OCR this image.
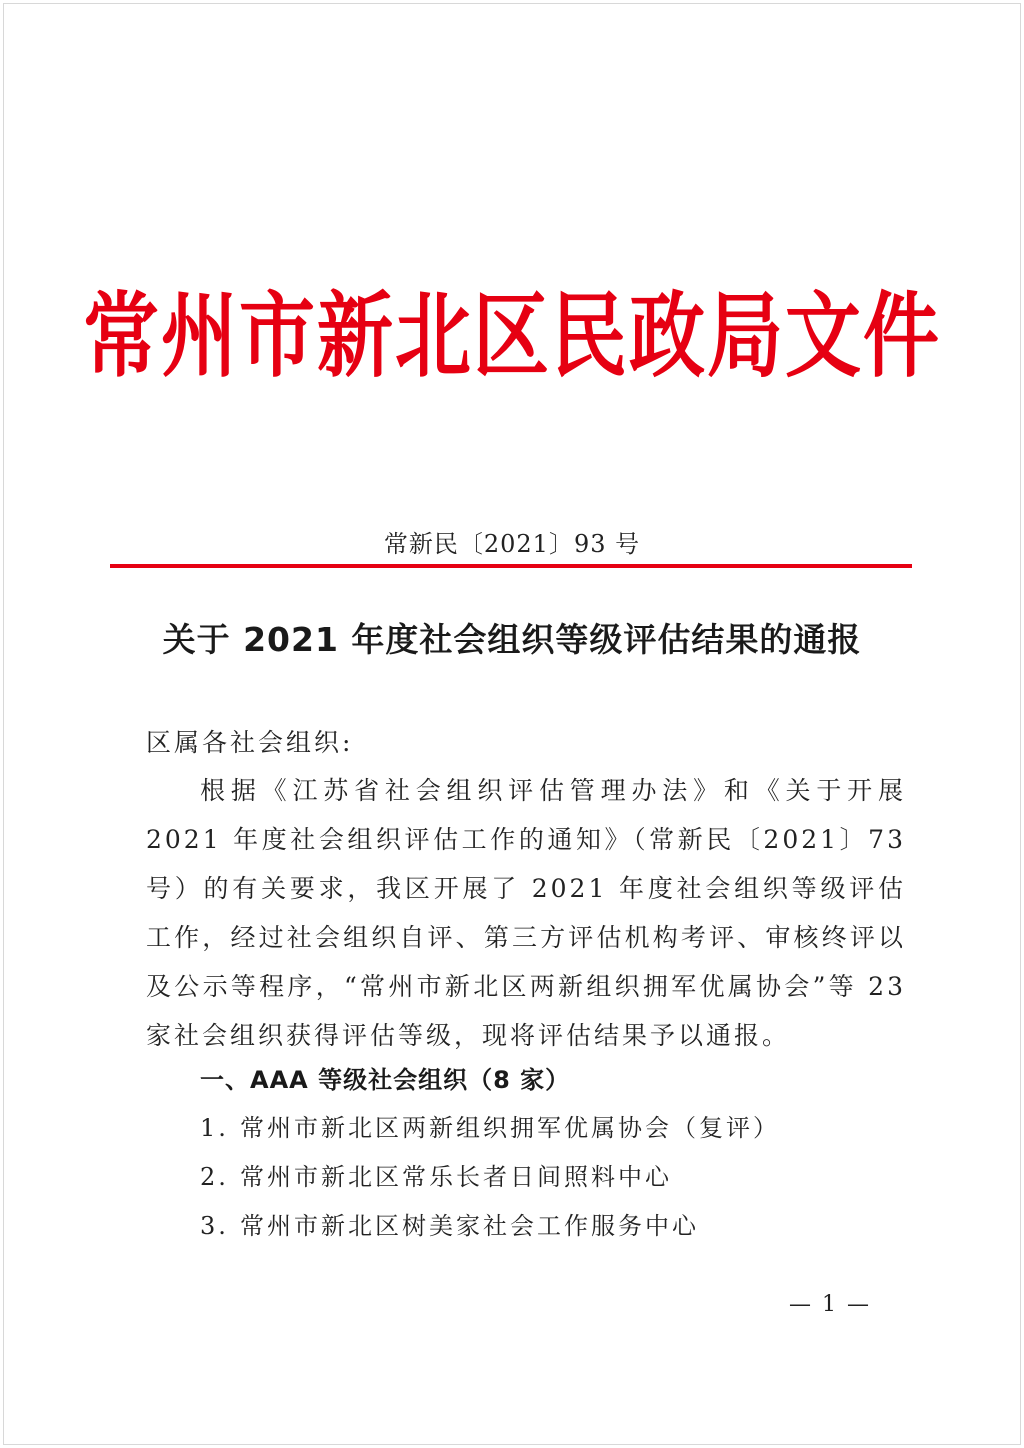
常州市新北区民政局文件
常新民〔2021〕93 号
关于 2021 年度社会组织等级评估结果的通报
区属各社会组织:
根据《江苏省社会组织评估管理办法》和《关于开展 2021 年度社会组织评估工作的通知》（常新民〔2021〕73 号）的有关要求，我区开展了 2021 年度社会组织等级评估工作，经过社会组织自评、第三方评估机构考评、审核终评以及公示等程序，“常州市新北区两新组织拥军优属协会”等 23 家社会组织获得评估等级，现将评估结果予以通报。
一、AAA 等级社会组织（8 家）
1. 常州市新北区两新组织拥军优属协会（复评）
2. 常州市新北区常乐长者日间照料中心
3. 常州市新北区树美家社会工作服务中心
— 1 —
